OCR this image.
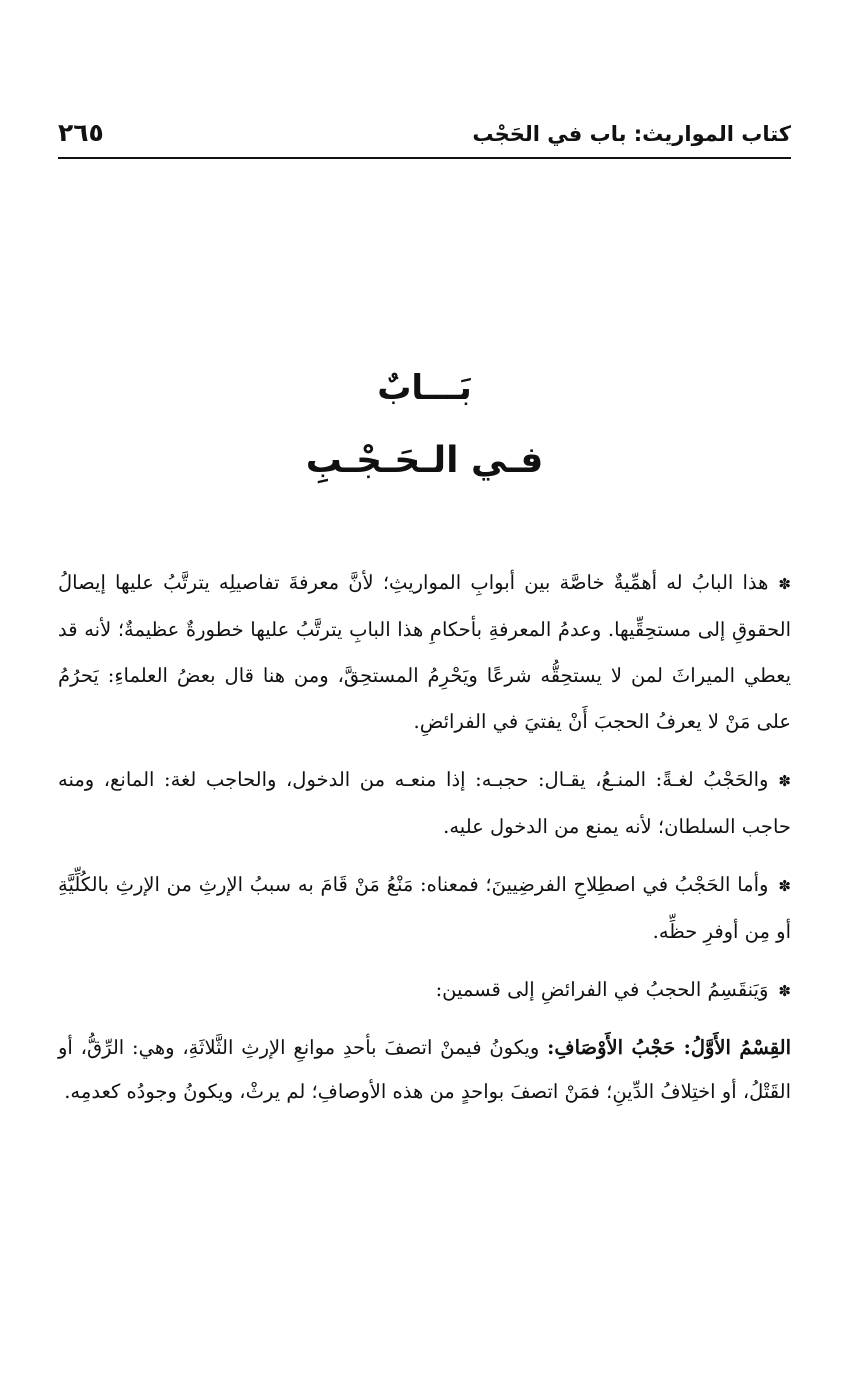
كتاب المواريث: باب في الحَجْب
٢٦٥
بَـــابٌ
فـي الـحَـجْـبِ

✽هذا البابُ له أهمِّيةٌ خاصَّة بين أبوابِ المواريثِ؛ لأنَّ معرفةَ تفاصيلِه يترتَّبُ عليها إيصالُ الحقوقِ إلى مستحِقِّيها. وعدمُ المعرفةِ بأحكامِ هذا البابِ يترتَّبُ عليها خطورةٌ عظيمةٌ؛ لأنه قد يعطي الميراثَ لمن لا يستحِقُّه شرعًا ويَحْرِمُ المستحِقَّ، ومن هنا قال بعضُ العلماءِ: يَحرُمُ على مَنْ لا يعرفُ الحجبَ أَنْ يفتيَ في الفرائضِ.

✽والحَجْبُ لغـةً: المنـعُ، يقـال: حجبـه: إذا منعـه من الدخول، والحاجب لغة: المانع، ومنه حاجب السلطان؛ لأنه يمنع من الدخول عليه.

✽وأما الحَجْبُ في اصطِلاحِ الفرضِيينَ؛ فمعناه: مَنْعُ مَنْ قَامَ به سببُ الإرثِ من الإرثِ بالكُلِّيَّةِ أو مِن أوفرِ حظِّه.

✽وَيَنقَسِمُ الحجبُ في الفرائضِ إلى قسمين:

القِسْمُ الأَوَّلُ: حَجْبُ الأَوْصَافِ: ويكونُ فيمنْ اتصفَ بأحدِ موانعِ الإرثِ الثَّلاثَةِ، وهي: الرِّقُّ، أو القَتْلُ، أو اختِلافُ الدِّينِ؛ فمَنْ اتصفَ بواحدٍ من هذه الأوصافِ؛ لم يرثْ، ويكونُ وجودُه كعدمِه.
